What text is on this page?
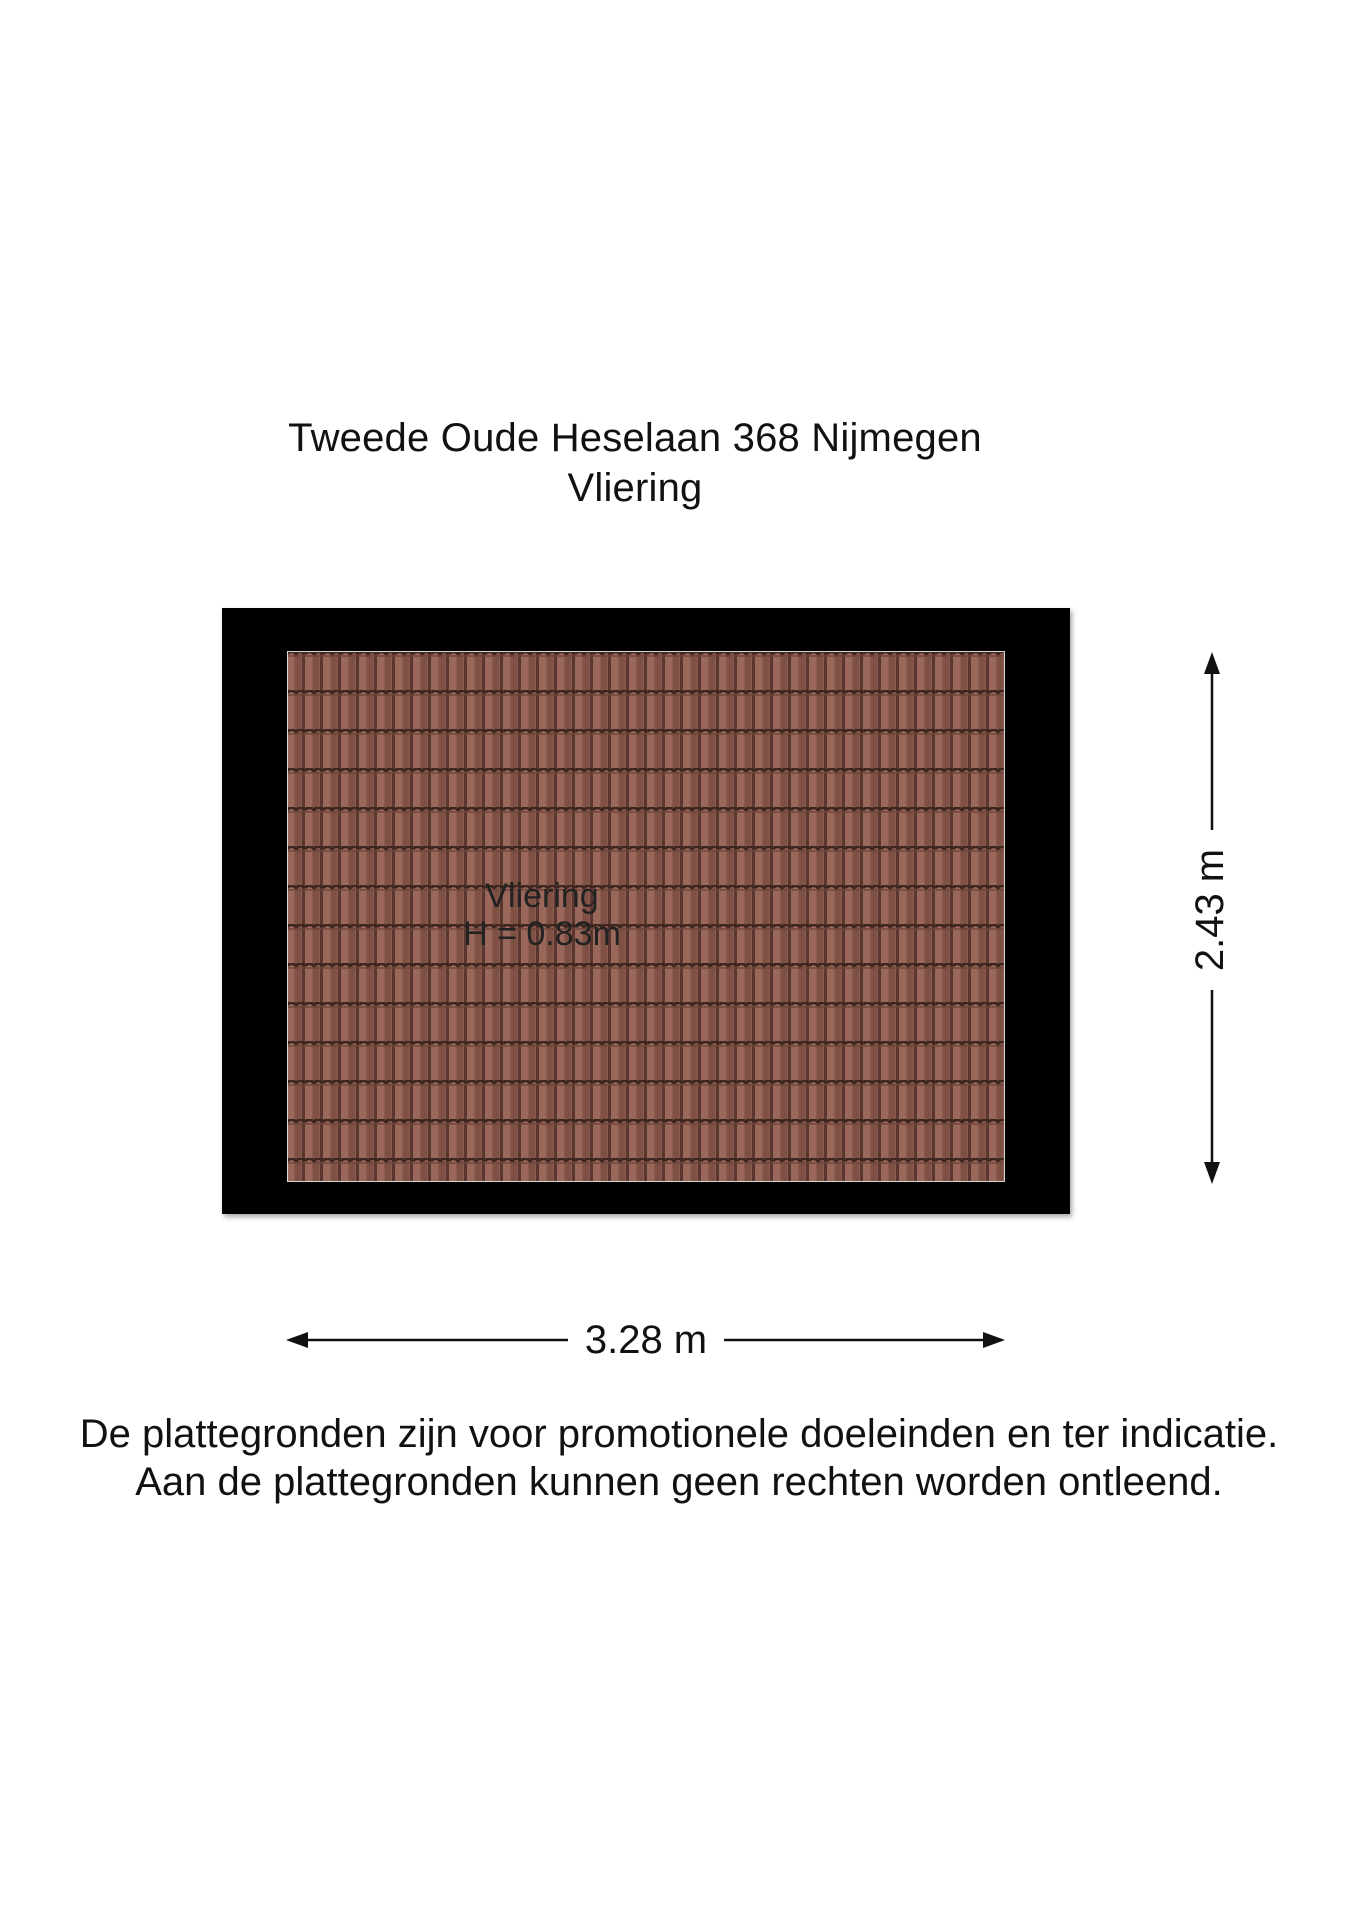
Tweede Oude Heselaan 368 Nijmegen
Vliering
Vliering
H = 0.83m
3.28 m
2.43 m
De plattegronden zijn voor promotionele doeleinden en ter indicatie.
Aan de plattegronden kunnen geen rechten worden ontleend.
